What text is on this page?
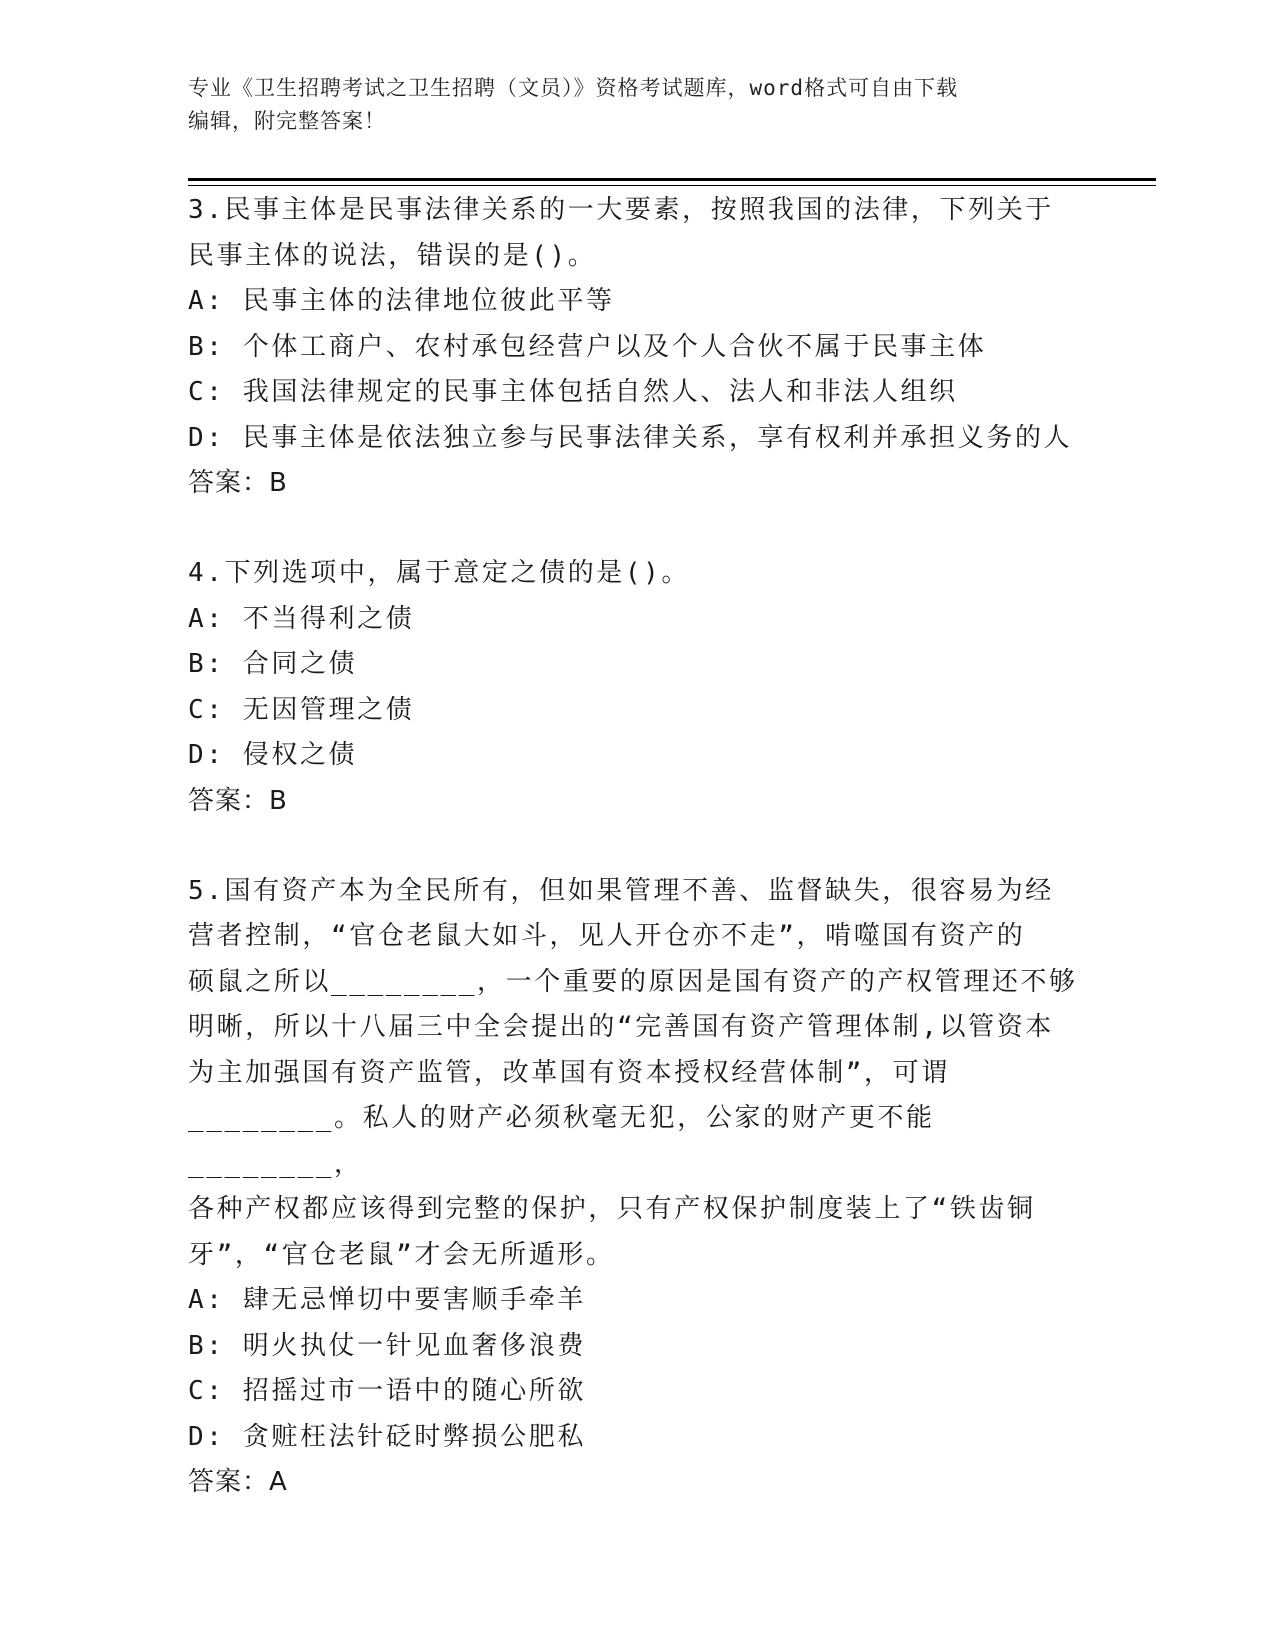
专业《卫生招聘考试之卫生招聘（文员）》资格考试题库，word格式可自由下载
编辑，附完整答案！

3.民事主体是民事法律关系的一大要素，按照我国的法律，下列关于

民事主体的说法，错误的是()。

A: 民事主体的法律地位彼此平等

B: 个体工商户、农村承包经营户以及个人合伙不属于民事主体

C: 我国法律规定的民事主体包括自然人、法人和非法人组织

D: 民事主体是依法独立参与民事法律关系，享有权利并承担义务的人

答案：B

4.下列选项中，属于意定之债的是()。

A: 不当得利之债

B: 合同之债

C: 无因管理之债

D: 侵权之债

答案：B

5.国有资产本为全民所有，但如果管理不善、监督缺失，很容易为经

营者控制，“官仓老鼠大如斗，见人开仓亦不走”，啃噬国有资产的

硕鼠之所以________，一个重要的原因是国有资产的产权管理还不够

明晰，所以十八届三中全会提出的“完善国有资产管理体制,以管资本

为主加强国有资产监管，改革国有资本授权经营体制”，可谓

________。私人的财产必须秋毫无犯，公家的财产更不能________，

各种产权都应该得到完整的保护，只有产权保护制度装上了“铁齿铜

牙”，“官仓老鼠”才会无所遁形。

A: 肆无忌惮切中要害顺手牵羊

B: 明火执仗一针见血奢侈浪费

C: 招摇过市一语中的随心所欲

D: 贪赃枉法针砭时弊损公肥私

答案：A
